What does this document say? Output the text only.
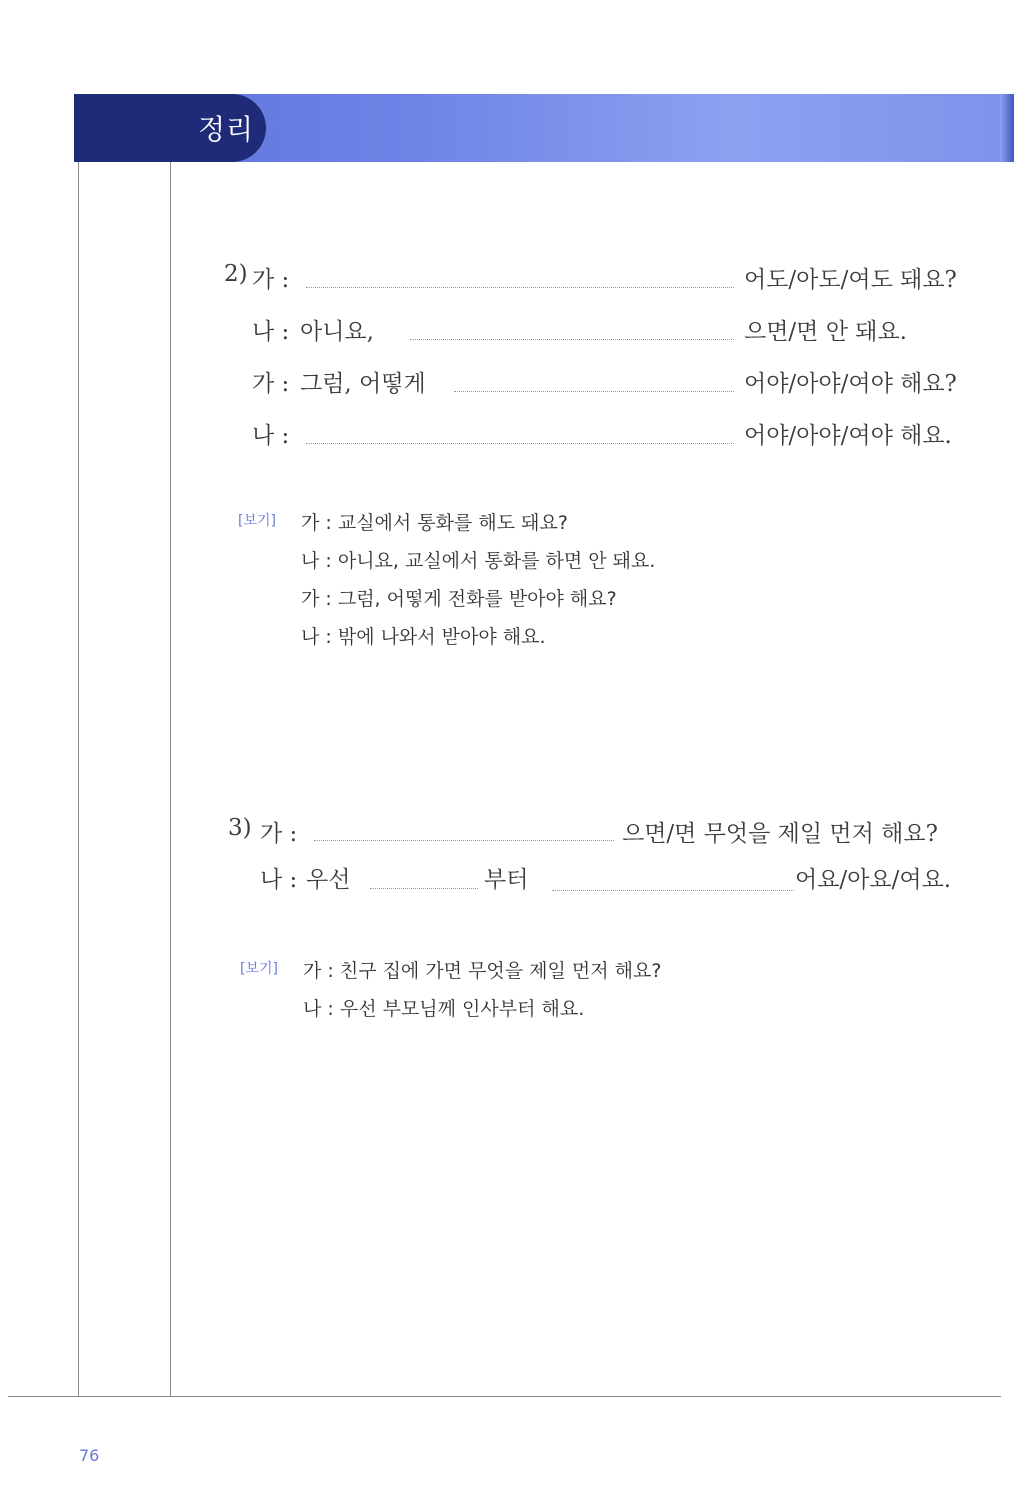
정리
2) 가 :	어도/아도/여도 돼요?
나 : 아니요,	으면/면 안 돼요.
가 : 그럼, 어떻게	어야/아야/여야 해요?
나 :	어야/아야/여야 해요.
[보기] 가 : 교실에서 통화를 해도 돼요?
나 : 아니요, 교실에서 통화를 하면 안 돼요.
가 : 그럼, 어떻게 전화를 받아야 해요?
나 : 밖에 나와서 받아야 해요.
3) 가 :	으면/면 무엇을 제일 먼저 해요?
나 : 우선	부터	어요/아요/여요.
[보기] 가 : 친구 집에 가면 무엇을 제일 먼저 해요?
나 : 우선 부모님께 인사부터 해요.
76
